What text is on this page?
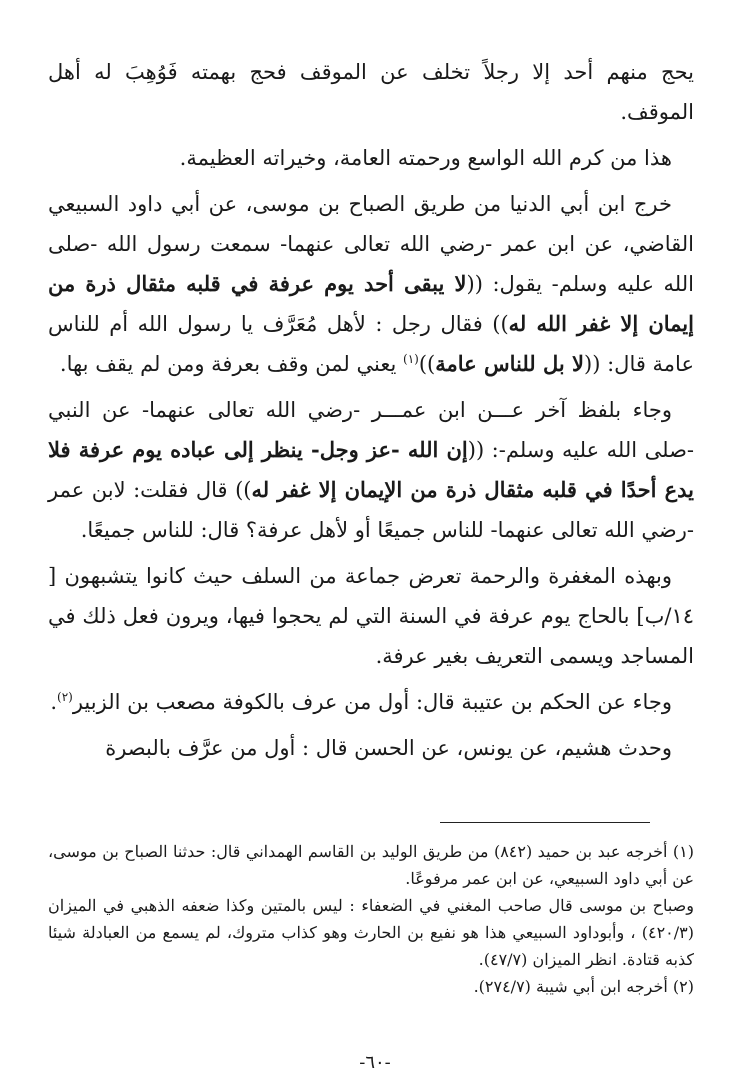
يحج منهم أحد إلا رجلاً تخلف عن الموقف فحج بهمته فَوُهِبَ له أهل الموقف.

هذا من كرم الله الواسع ورحمته العامة، وخيراته العظيمة.

خرج ابن أبي الدنيا من طريق الصباح بن موسى، عن أبي داود السبيعي القاضي، عن ابن عمر -رضي الله تعالى عنهما- سمعت رسول الله -صلى الله عليه وسلم- يقول: ((لا يبقى أحد يوم عرفة في قلبه مثقال ذرة من إيمان إلا غفر الله له)) فقال رجل : لأهل مُعَرَّف يا رسول الله أم للناس عامة قال: ((لا بل للناس عامة))$^{(١)}$ يعني لمن وقف بعرفة ومن لم يقف بها.

وجاء بلفظ آخر عـــن ابن عمـــر -رضي الله تعالى عنهما- عن النبي -صلى الله عليه وسلم-: ((إن الله -عز وجل- ينظر إلى عباده يوم عرفة فلا يدع أحدًا في قلبه مثقال ذرة من الإيمان إلا غفر له)) قال فقلت: لابن عمر -رضي الله تعالى عنهما- للناس جميعًا أو لأهل عرفة؟ قال: للناس جميعًا.

وبهذه المغفرة والرحمة تعرض جماعة من السلف حيث كانوا يتشبهون [ ١٤/ب] بالحاج يوم عرفة في السنة التي لم يحجوا فيها، ويرون فعل ذلك في المساجد ويسمى التعريف بغير عرفة.

وجاء عن الحكم بن عتيبة قال: أول من عرف بالكوفة مصعب بن الزبير$^{(٢)}$.

وحدث هشيم، عن يونس، عن الحسن قال : أول من عرَّف بالبصرة

(١) أخرجه عبد بن حميد (٨٤٢) من طريق الوليد بن القاسم الهمداني قال: حدثنا الصباح بن موسى، عن أبي داود السبيعي، عن ابن عمر مرفوعًا.

وصباح بن موسى قال صاحب المغني في الضعفاء : ليس بالمتين وكذا ضعفه الذهبي في الميزان (٤٢٠/٣) ، وأبوداود السبيعي هذا هو نفيع بن الحارث وهو كذاب متروك، لم يسمع من العبادلة شيئا كذبه قتادة. انظر الميزان (٤٧/٧).

(٢) أخرجه ابن أبي شيبة (٢٧٤/٧).

-٦٠-
